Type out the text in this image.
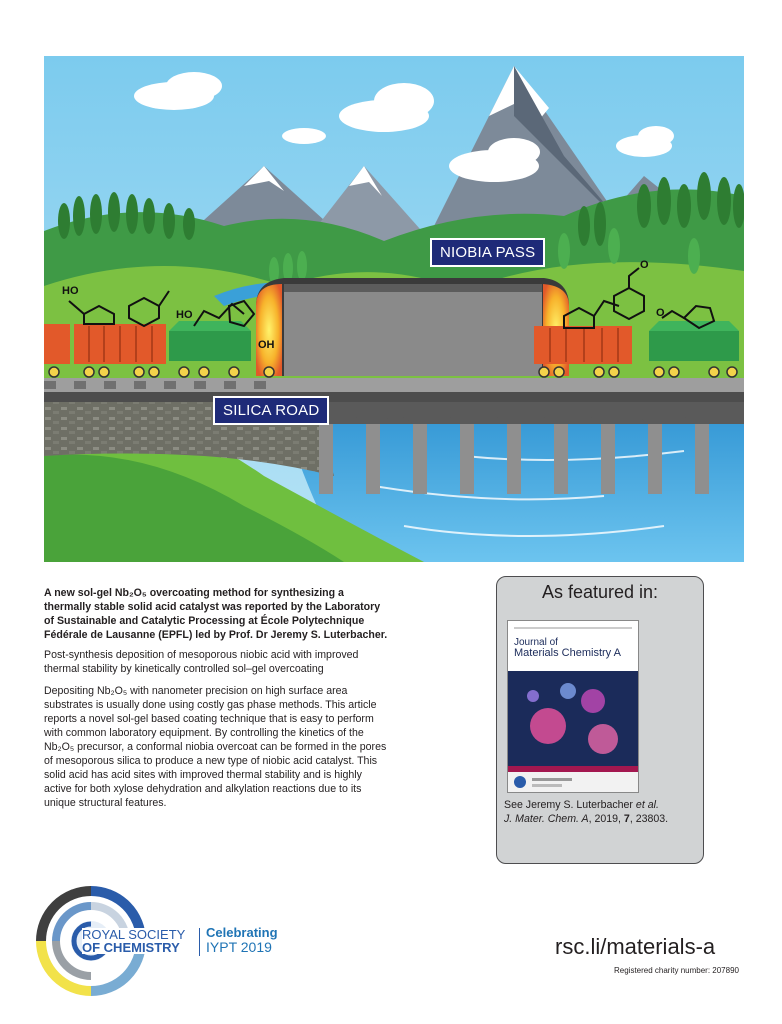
HO
HO
OH
O
O
NIOBIA PASS
SILICA ROAD

A new sol-gel Nb₂O₅ overcoating method for synthesizing a thermally stable solid acid catalyst was reported by the Laboratory of Sustainable and Catalytic Processing at École Polytechnique Fédérale de Lausanne (EPFL) led by Prof. Dr Jeremy S. Luterbacher.

Post-synthesis deposition of mesoporous niobic acid with improved thermal stability by kinetically controlled sol–gel overcoating

Depositing Nb₂O₅ with nanometer precision on high surface area substrates is usually done using costly gas phase methods. This article reports a novel sol-gel based coating technique that is easy to perform with common laboratory equipment. By controlling the kinetics of the Nb₂O₅ precursor, a conformal niobia overcoat can be formed in the pores of mesoporous silica to produce a new type of niobic acid catalyst. This solid acid has acid sites with improved thermal stability and is highly active for both xylose dehydration and alkylation reactions due to its unique structural features.

As featured in:
Journal of
Materials Chemistry A
See Jeremy S. Luterbacher et al.
J. Mater. Chem. A, 2019, 7, 23803.
ROYAL SOCIETY
OF CHEMISTRY
Celebrating
IYPT 2019	rsc.li/materials-a
Registered charity number: 207890
